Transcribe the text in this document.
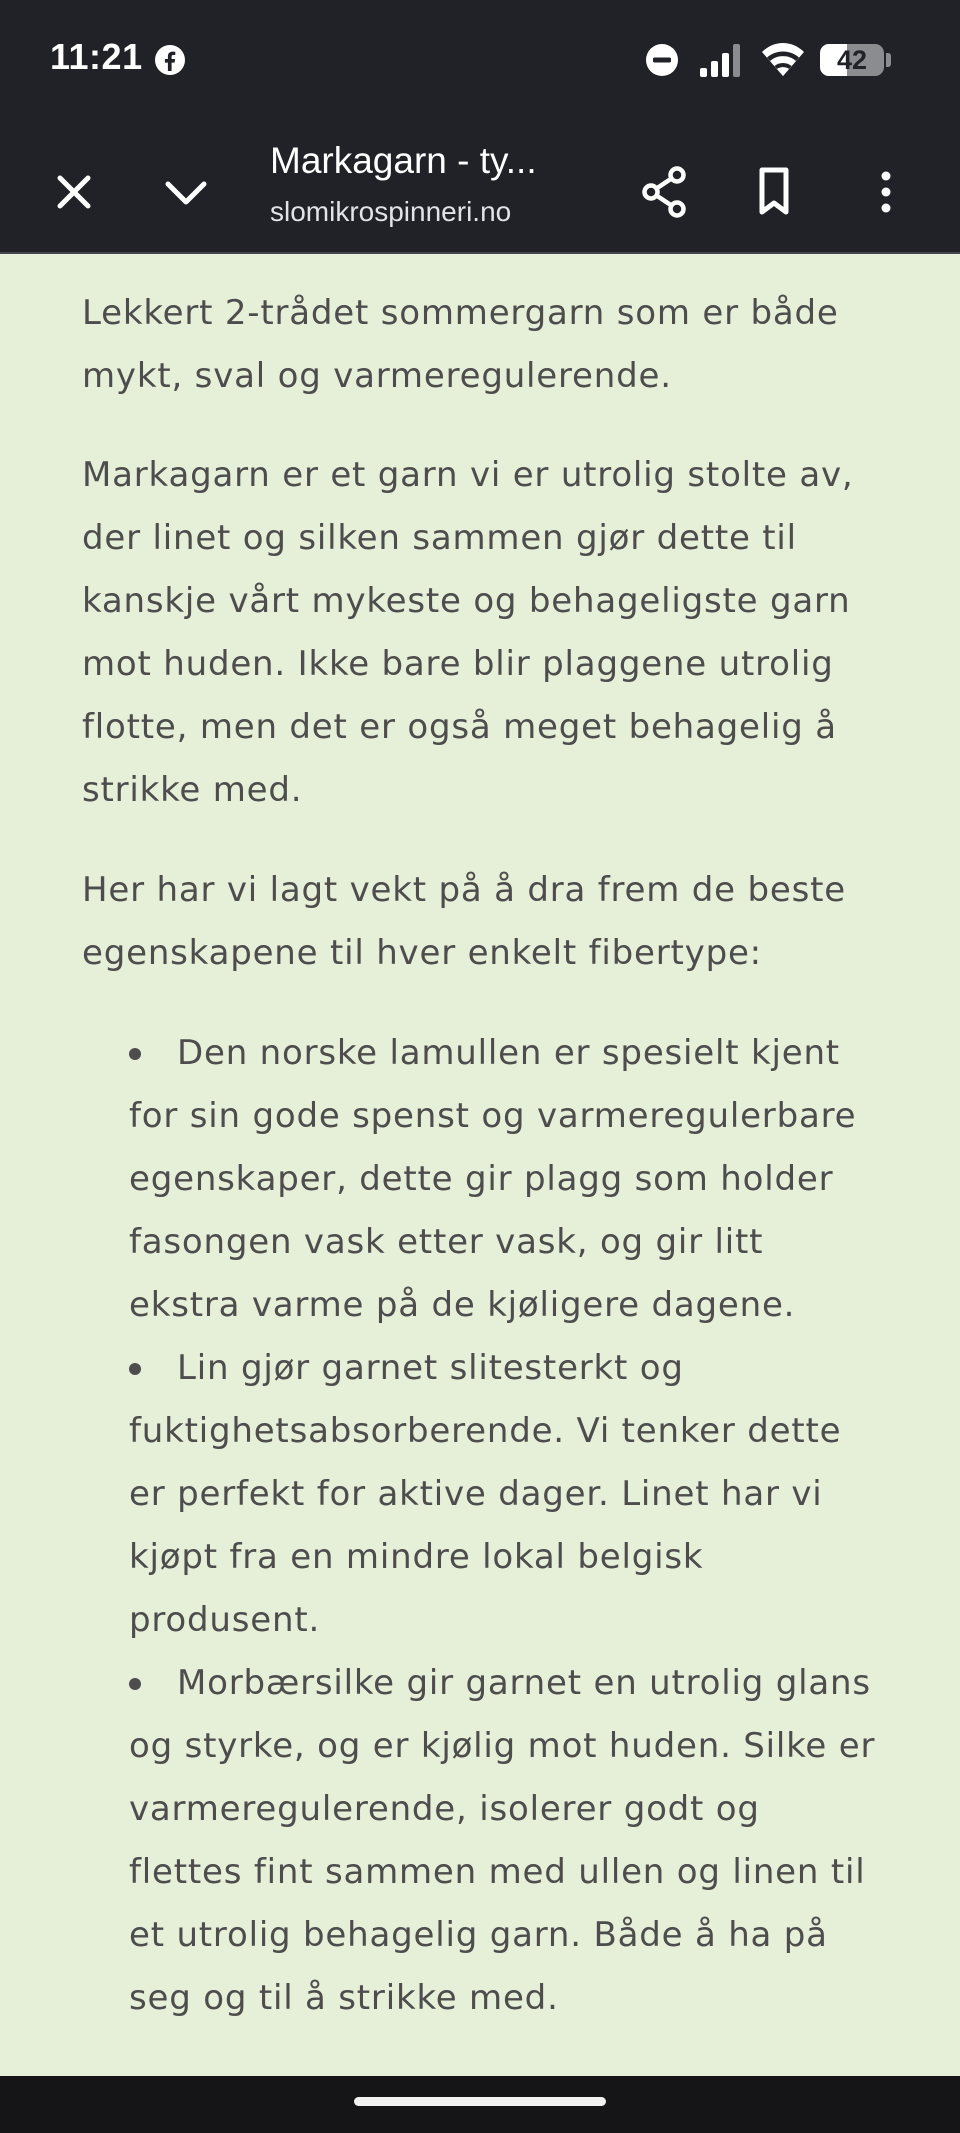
11:21	42
Markagarn - ty...
slomikrospinneri.no

Lekkert 2-trådet sommergarn som er både mykt, sval og varmeregulerende.

Markagarn er et garn vi er utrolig stolte av, der linet og silken sammen gjør dette til kanskje vårt mykeste og behageligste garn mot huden. Ikke bare blir plaggene utrolig flotte, men det er også meget behagelig å strikke med.

Her har vi lagt vekt på å dra frem de beste egenskapene til hver enkelt fibertype:

Den norske lamullen er spesielt kjent for sin gode spenst og varmeregulerbare egenskaper, dette gir plagg som holder fasongen vask etter vask, og gir litt ekstra varme på de kjøligere dagene.
Lin gjør garnet slitesterkt og fuktighetsabsorberende. Vi tenker dette er perfekt for aktive dager. Linet har vi kjøpt fra en mindre lokal belgisk produsent.
Morbærsilke gir garnet en utrolig glans og styrke, og er kjølig mot huden. Silke er varmeregulerende, isolerer godt og flettes fint sammen med ullen og linen til et utrolig behagelig garn. Både å ha på seg og til å strikke med.
